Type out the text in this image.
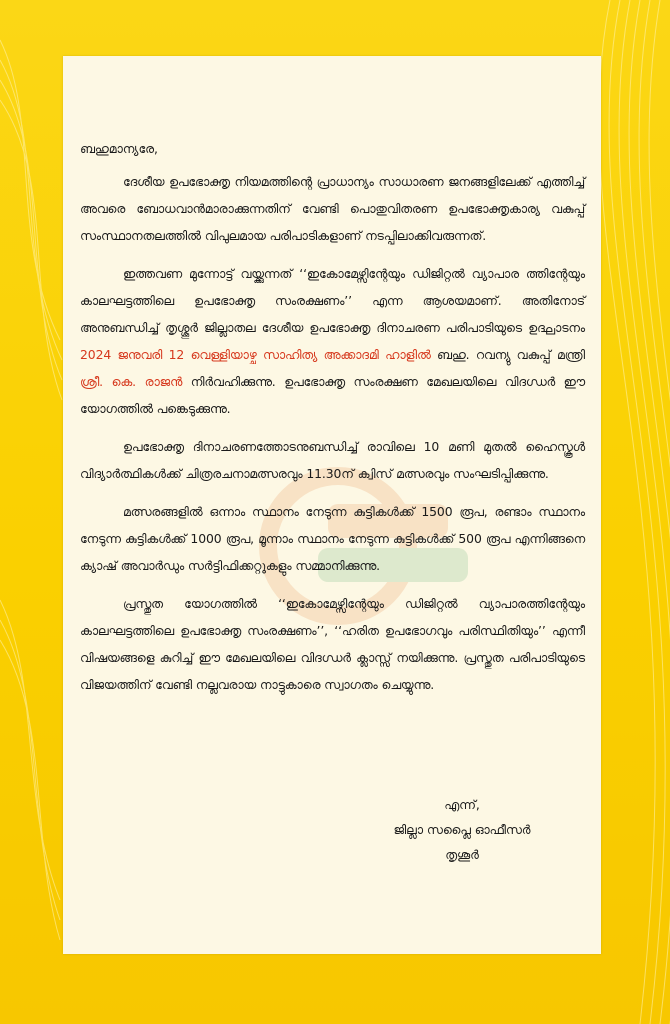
ബഹുമാന്യരേ,

ദേശീയ ഉപഭോക്തൃ നിയമത്തിന്റെ പ്രാധാന്യം സാധാരണ ജനങ്ങളിലേക്ക് എത്തിച്ച് അവരെ ബോധവാൻമാരാക്കുന്നതിന് വേണ്ടി പൊതുവിതരണ ഉപഭോക്തൃകാര്യ വകുപ്പ് സംസ്ഥാനതലത്തിൽ വിപുലമായ പരിപാടികളാണ് നടപ്പിലാക്കിവരുന്നത്.

ഇത്തവണ മുന്നോട്ട് വയ്ക്കുന്നത് ‘‘ഇകോമേഴ്സിന്റേയും ഡിജിറ്റൽ വ്യാപാര ത്തിന്റേയും കാലഘട്ടത്തിലെ ഉപഭോക്തൃ സംരക്ഷണം’’ എന്ന ആശയമാണ്. അതിനോട് അനുബന്ധിച്ച് തൃശ്ശൂർ ജില്ലാതല ദേശീയ ഉപഭോക്തൃ ദിനാചരണ പരിപാടിയുടെ ഉദ്ഘാടനം 2024 ജനുവരി 12 വെള്ളിയാഴ്ച സാഹിത്യ അക്കാദമി ഹാളിൽ ബഹു. റവന്യു വകുപ്പ് മന്ത്രി ശ്രീ. കെ. രാജൻ നിർവഹിക്കുന്നു. ഉപഭോക്തൃ സംരക്ഷണ മേഖലയിലെ വിദഗ്ധർ ഈ യോഗത്തിൽ പങ്കെടുക്കുന്നു.

ഉപഭോക്തൃ ദിനാചരണത്തോടനുബന്ധിച്ച് രാവിലെ 10 മണി മുതൽ ഹൈസ്കൂൾ വിദ്യാർത്ഥികൾക്ക് ചിത്രരചനാമത്സരവും 11.30ന് ക്വിസ് മത്സരവും സംഘടിപ്പിക്കുന്നു.

മത്സരങ്ങളിൽ ഒന്നാം സ്ഥാനം നേടുന്ന കുട്ടികൾക്ക് 1500 രൂപ, രണ്ടാം സ്ഥാനം നേടുന്ന കുട്ടികൾക്ക് 1000 രൂപ, മൂന്നാം സ്ഥാനം നേടുന്ന കുട്ടികൾക്ക് 500 രൂപ എന്നിങ്ങനെ ക്യാഷ് അവാർഡും സർട്ടിഫിക്കറ്റുകളും സമ്മാനിക്കുന്നു.

പ്രസ്തുത യോഗത്തിൽ ‘‘ഇകോമേഴ്സിന്റേയും ഡിജിറ്റൽ വ്യാപാരത്തിന്റേയും കാലഘട്ടത്തിലെ ഉപഭോക്തൃ സംരക്ഷണം’’, ‘‘ഹരിത ഉപഭോഗവും പരിസ്ഥിതിയും’’ എന്നീ വിഷയങ്ങളെ കുറിച്ച് ഈ മേഖലയിലെ വിദഗ്ധർ ക്ലാസ്സ് നയിക്കുന്നു. പ്രസ്തുത പരിപാടിയുടെ വിജയത്തിന് വേണ്ടി നല്ലവരായ നാട്ടുകാരെ സ്വാഗതം ചെയ്യുന്നു.

എന്ന്,
ജില്ലാ സപ്ലൈ ഓഫീസർ
തൃശൂർ
